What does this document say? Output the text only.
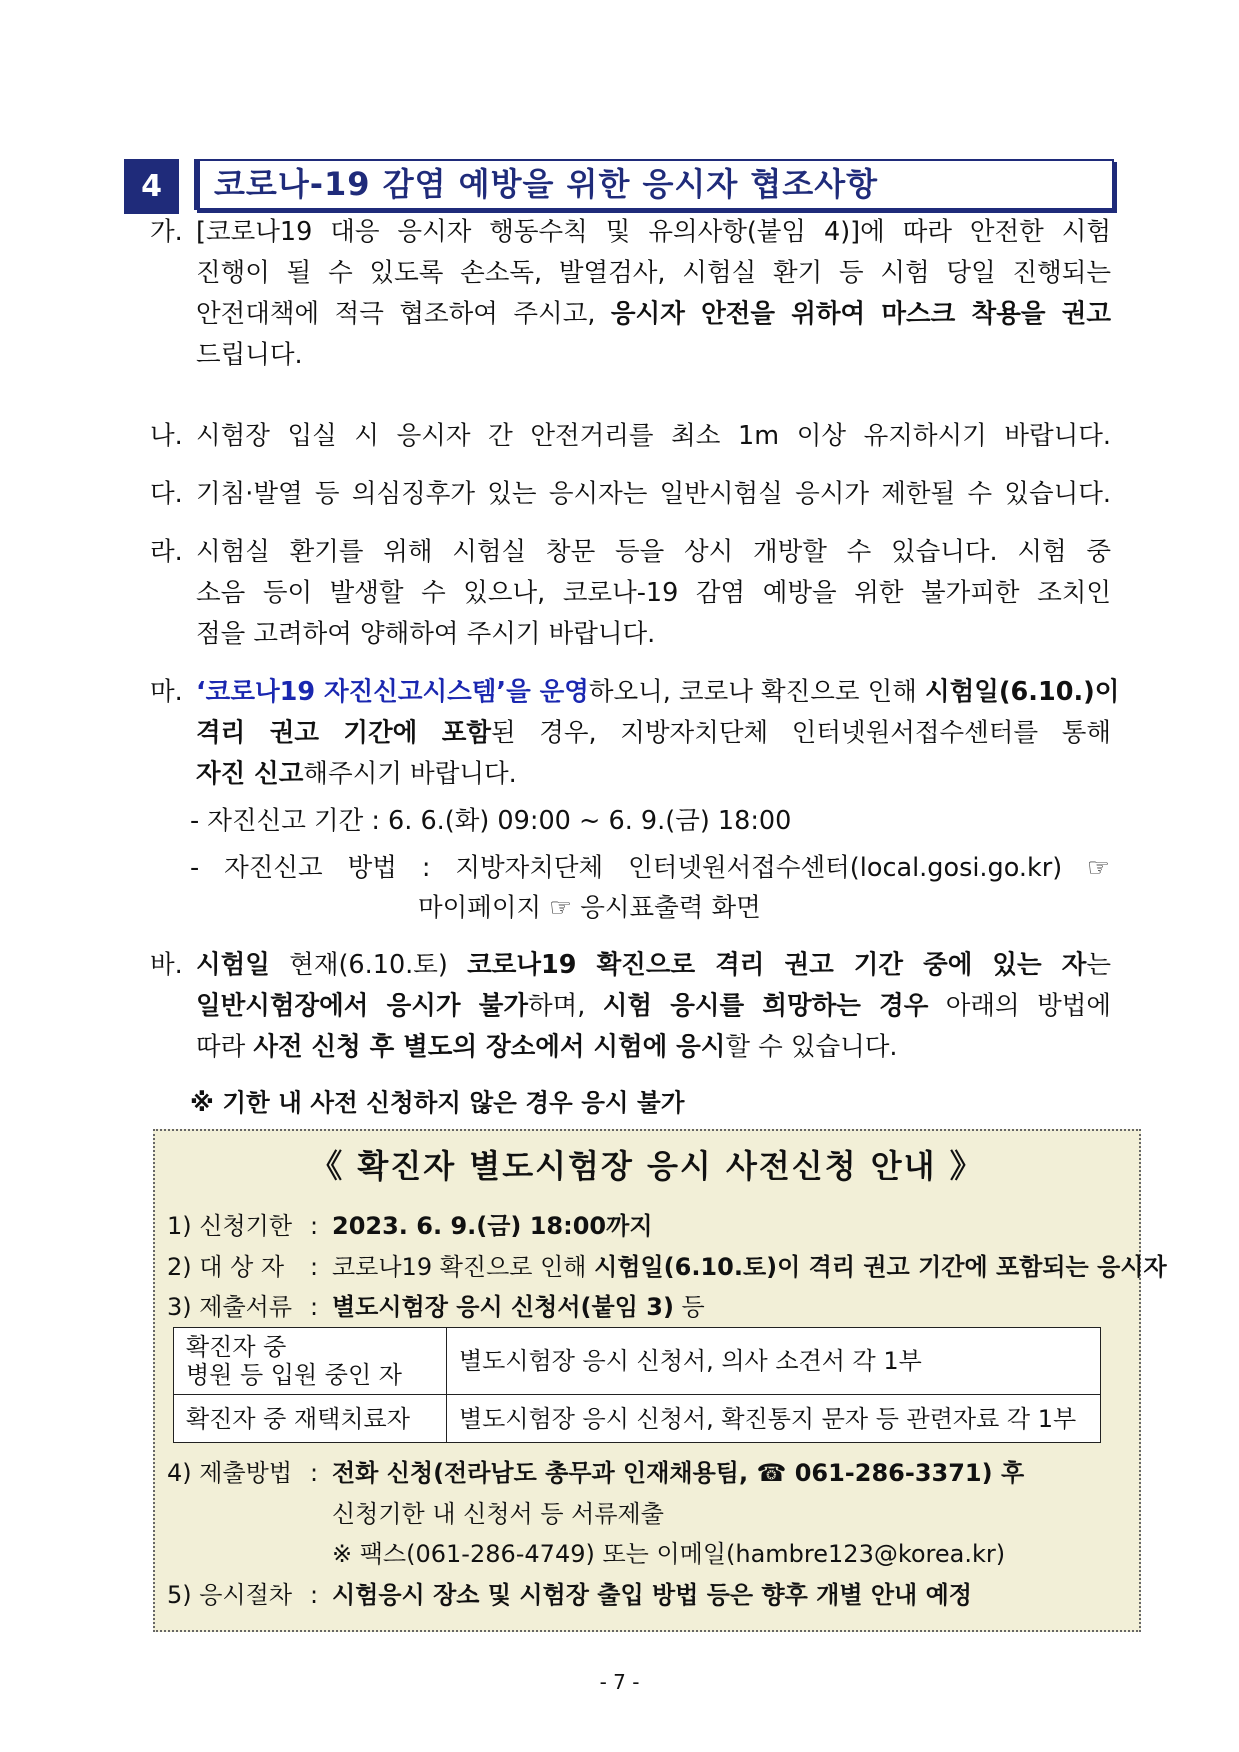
4	코로나-19 감염 예방을 위한 응시자 협조사항
가. [코로나19 대응 응시자 행동수칙 및 유의사항(붙임 4)]에 따라 안전한 시험
진행이 될 수 있도록 손소독, 발열검사, 시험실 환기 등 시험 당일 진행되는
안전대책에 적극 협조하여 주시고, 응시자 안전을 위하여 마스크 착용을 권고
드립니다.
나. 시험장 입실 시 응시자 간 안전거리를 최소 1m 이상 유지하시기 바랍니다.
다. 기침·발열 등 의심징후가 있는 응시자는 일반시험실 응시가 제한될 수 있습니다.
라. 시험실 환기를 위해 시험실 창문 등을 상시 개방할 수 있습니다. 시험 중
소음 등이 발생할 수 있으나, 코로나-19 감염 예방을 위한 불가피한 조치인
점을 고려하여 양해하여 주시기 바랍니다.
마. ‘코로나19 자진신고시스템’을 운영하오니, 코로나 확진으로 인해 시험일(6.10.)이
격리 권고 기간에 포함된 경우, 지방자치단체 인터넷원서접수센터를 통해
자진 신고해주시기 바랍니다.
- 자진신고 기간 : 6. 6.(화) 09:00 ~ 6. 9.(금) 18:00
- 자진신고 방법 : 지방자치단체 인터넷원서접수센터(local.gosi.go.kr) ☞
마이페이지 ☞ 응시표출력 화면
바. 시험일 현재(6.10.토) 코로나19 확진으로 격리 권고 기간 중에 있는 자는
일반시험장에서 응시가 불가하며, 시험 응시를 희망하는 경우 아래의 방법에
따라 사전 신청 후 별도의 장소에서 시험에 응시할 수 있습니다.
※ 기한 내 사전 신청하지 않은 경우 응시 불가
《 확진자 별도시험장 응시 사전신청 안내 》
1) 신청기한 : 2023. 6. 9.(금) 18:00까지
2) 대 상 자 : 코로나19 확진으로 인해 시험일(6.10.토)이 격리 권고 기간에 포함되는 응시자
3) 제출서류 : 별도시험장 응시 신청서(붙임 3) 등
확진자 중
병원 등 입원 중인 자	별도시험장 응시 신청서, 의사 소견서 각 1부

확진자 중 재택치료자	별도시험장 응시 신청서, 확진통지 문자 등 관련자료 각 1부
4) 제출방법 : 전화 신청(전라남도 총무과 인재채용팀, ☎ 061-286-3371) 후
신청기한 내 신청서 등 서류제출
※ 팩스(061-286-4749) 또는 이메일(hambre123@korea.kr)
5) 응시절차 : 시험응시 장소 및 시험장 출입 방법 등은 향후 개별 안내 예정
- 7 -
